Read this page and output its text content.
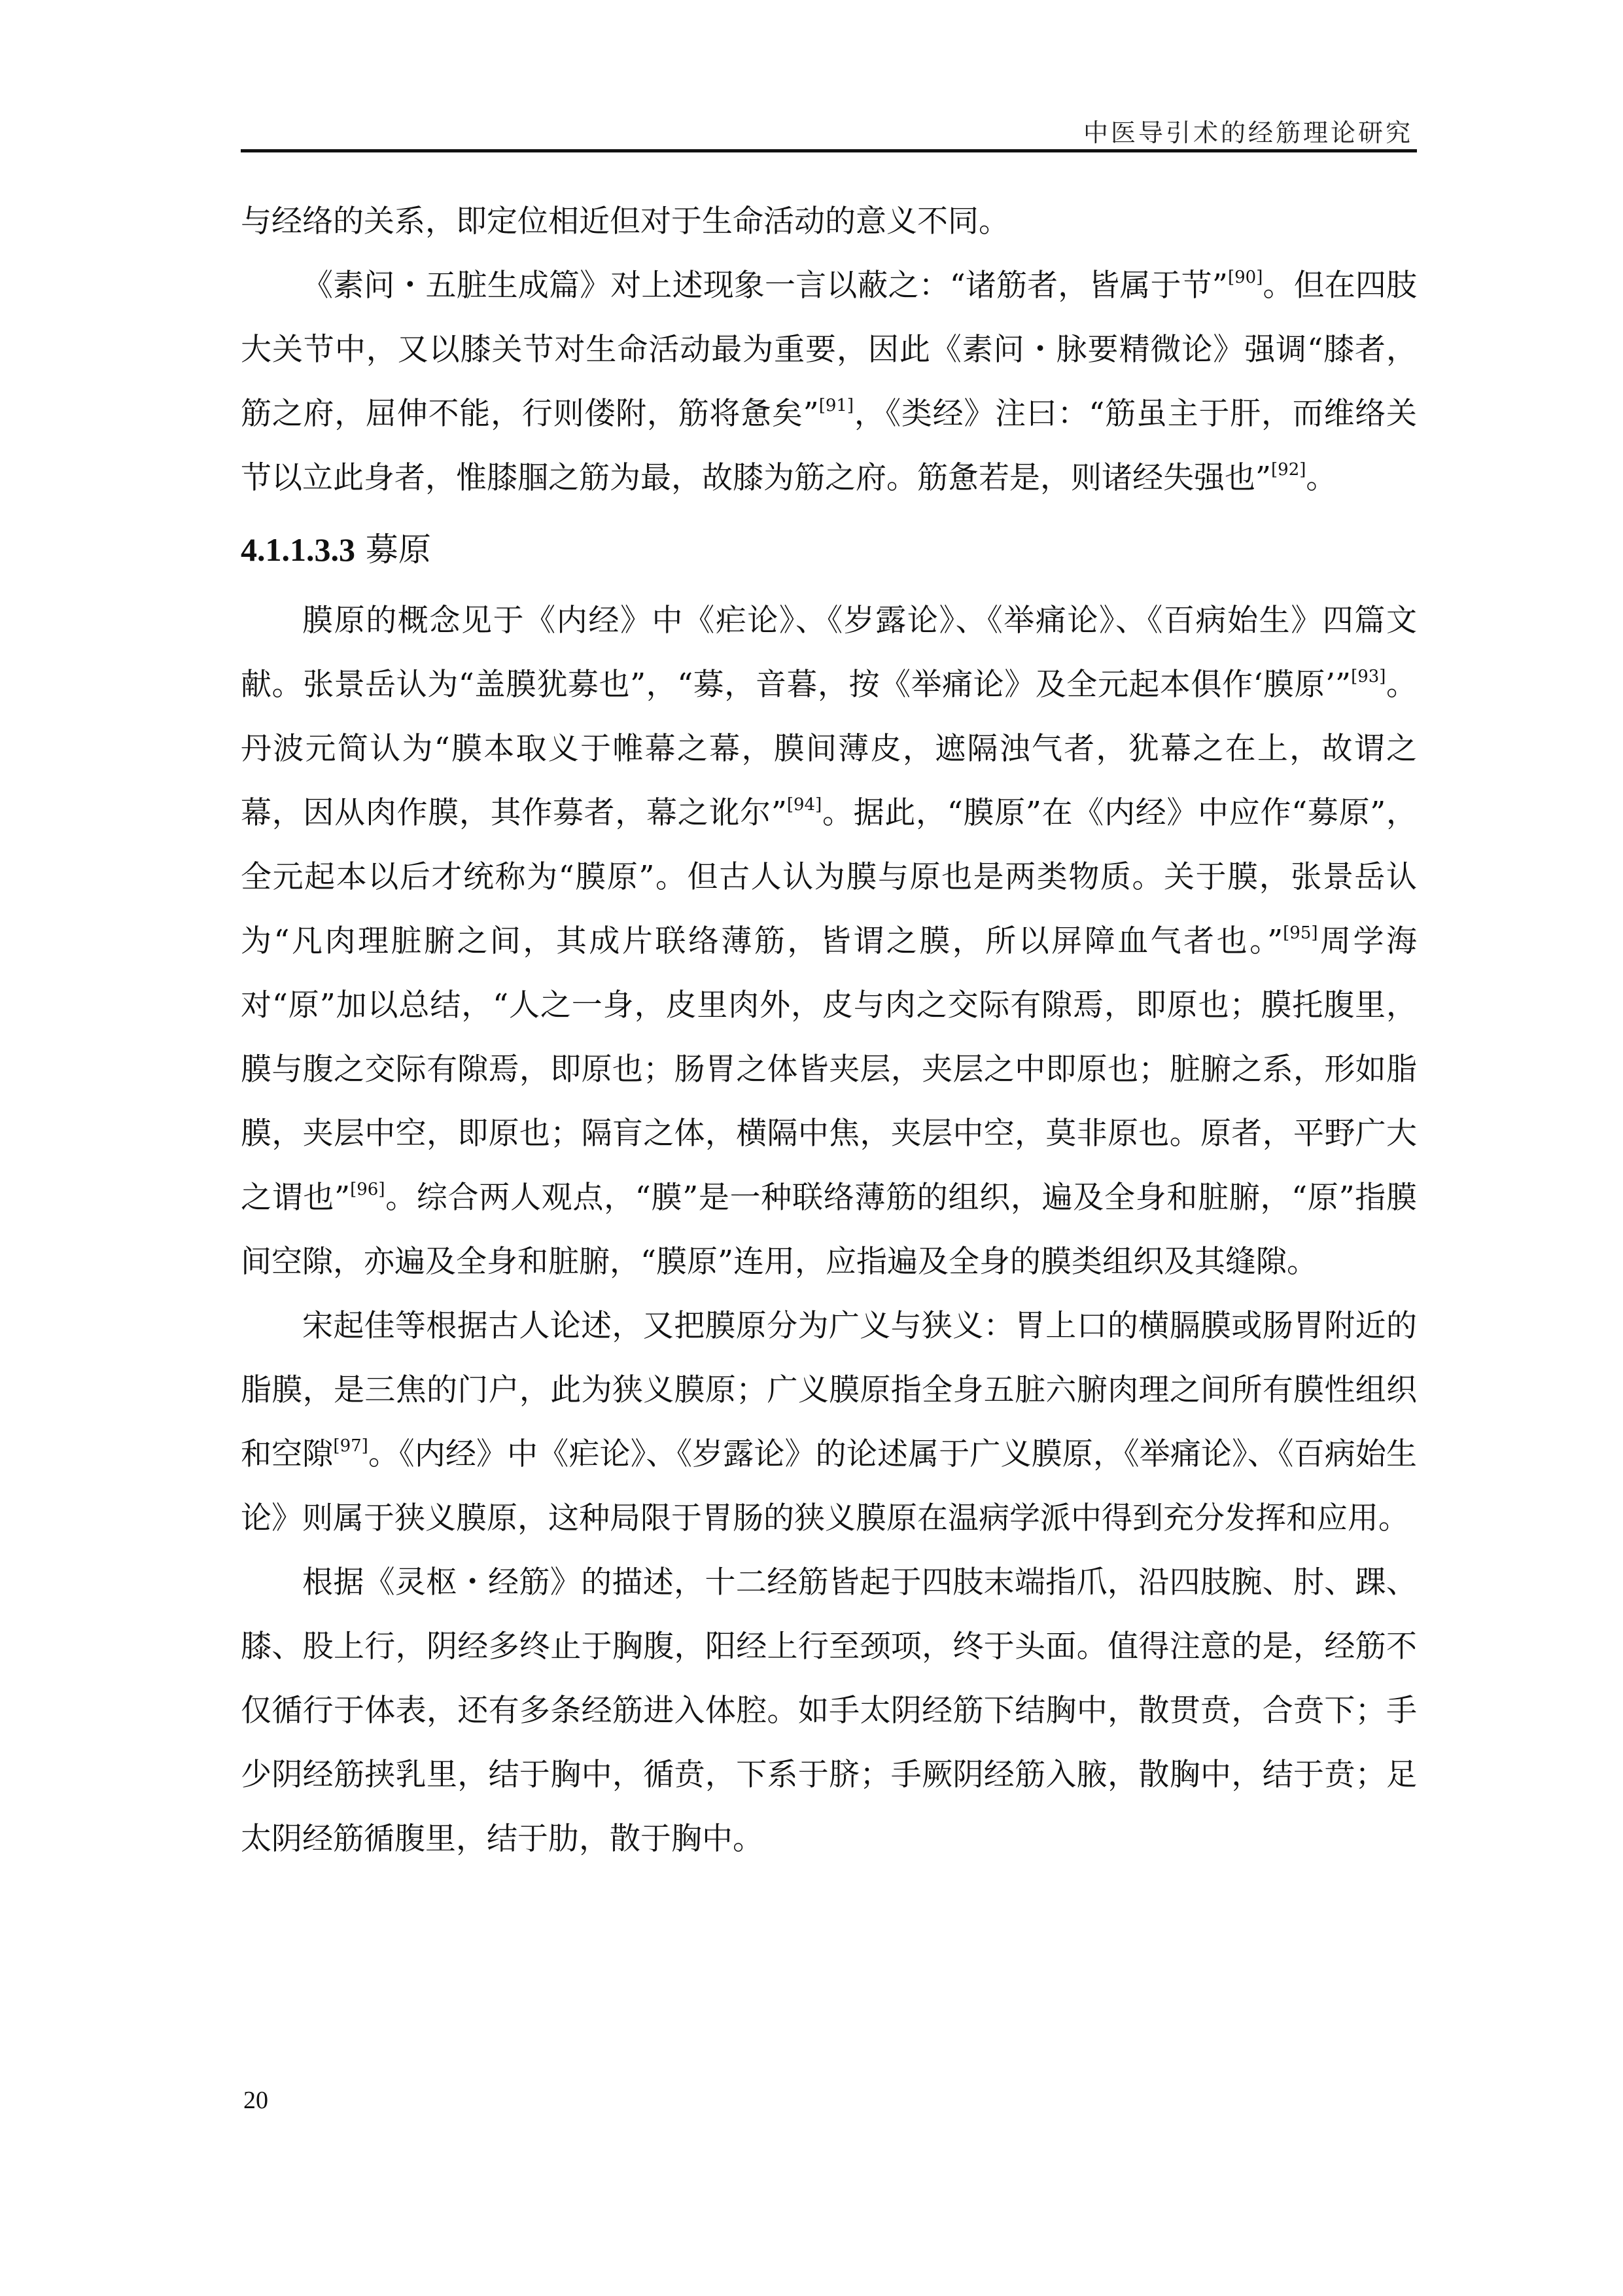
中医导引术的经筋理论研究

与经络的关系，即定位相近但对于生命活动的意义不同。

《素问・五脏生成篇》对上述现象一言以蔽之：“诸筋者，皆属于节”[90]。但在四肢大关节中，又以膝关节对生命活动最为重要，因此《素问・脉要精微论》强调“膝者，筋之府，屈伸不能，行则偻附，筋将惫矣”[91]，《类经》注曰：“筋虽主于肝，而维络关节以立此身者，惟膝腘之筋为最，故膝为筋之府。筋惫若是，则诸经失强也”[92]。

4.1.1.3.3 募原

膜原的概念见于《内经》中《疟论》、《岁露论》、《举痛论》、《百病始生》四篇文献。张景岳认为“盖膜犹募也”，“募，音暮，按《举痛论》及全元起本俱作‘膜原’”[93]。丹波元简认为“膜本取义于帷幕之幕，膜间薄皮，遮隔浊气者，犹幕之在上，故谓之幕，因从肉作膜，其作募者，幕之讹尔”[94]。据此，“膜原”在《内经》中应作“募原”，全元起本以后才统称为“膜原”。但古人认为膜与原也是两类物质。关于膜，张景岳认为“凡肉理脏腑之间，其成片联络薄筋，皆谓之膜，所以屏障血气者也。”[95]周学海对“原”加以总结，“人之一身，皮里肉外，皮与肉之交际有隙焉，即原也；膜托腹里，膜与腹之交际有隙焉，即原也；肠胃之体皆夹层，夹层之中即原也；脏腑之系，形如脂膜，夹层中空，即原也；隔肓之体，横隔中焦，夹层中空，莫非原也。原者，平野广大之谓也”[96]。综合两人观点，“膜”是一种联络薄筋的组织，遍及全身和脏腑，“原”指膜间空隙，亦遍及全身和脏腑，“膜原”连用，应指遍及全身的膜类组织及其缝隙。

宋起佳等根据古人论述，又把膜原分为广义与狭义：胃上口的横膈膜或肠胃附近的脂膜，是三焦的门户，此为狭义膜原；广义膜原指全身五脏六腑肉理之间所有膜性组织和空隙[97]。《内经》中《疟论》、《岁露论》的论述属于广义膜原，《举痛论》、《百病始生论》则属于狭义膜原，这种局限于胃肠的狭义膜原在温病学派中得到充分发挥和应用。

根据《灵枢・经筋》的描述，十二经筋皆起于四肢末端指爪，沿四肢腕、肘、踝、膝、股上行，阴经多终止于胸腹，阳经上行至颈项，终于头面。值得注意的是，经筋不仅循行于体表，还有多条经筋进入体腔。如手太阴经筋下结胸中，散贯贲，合贲下；手少阴经筋挟乳里，结于胸中，循贲，下系于脐；手厥阴经筋入腋，散胸中，结于贲；足太阴经筋循腹里，结于肋，散于胸中。

20
